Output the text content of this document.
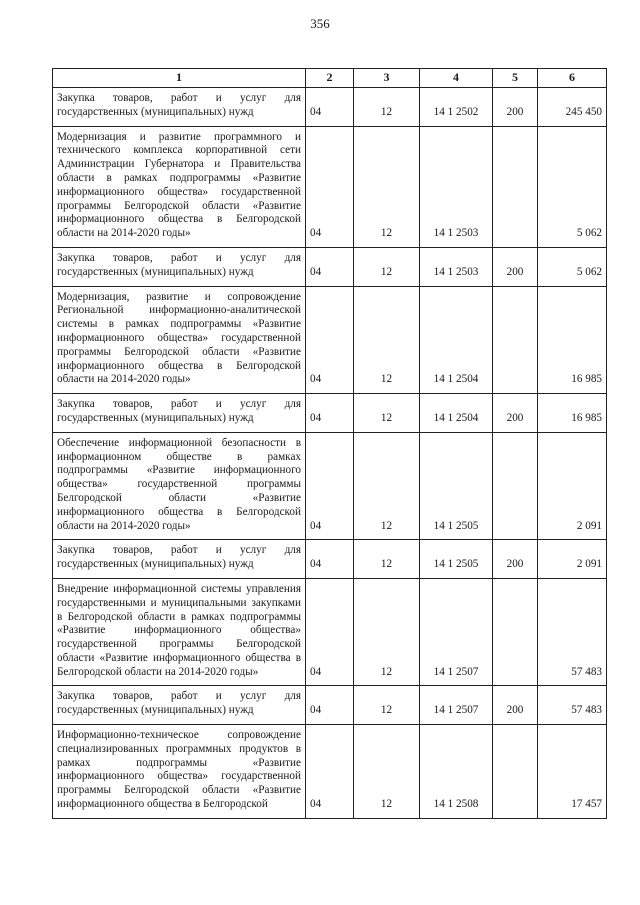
356
1	2	3	4	5	6
Закупка товаров, работ и услуг для государственных (муниципальных) нужд	04	12	14 1 2502	200	245 450
Модернизация и развитие программного и технического комплекса корпоративной сети Администрации Губернатора и Правительства области в рамках подпрограммы «Развитие информационного общества» государственной программы Белгородской области «Развитие информационного общества в Белгородской области на 2014-2020 годы»	04	12	14 1 2503		5 062
Закупка товаров, работ и услуг для государственных (муниципальных) нужд	04	12	14 1 2503	200	5 062
Модернизация, развитие и сопровождение Региональной информационно-аналитической системы в рамках подпрограммы «Развитие информационного общества» государственной программы Белгородской области «Развитие информационного общества в Белгородской области на 2014-2020 годы»	04	12	14 1 2504		16 985
Закупка товаров, работ и услуг для государственных (муниципальных) нужд	04	12	14 1 2504	200	16 985
Обеспечение информационной безопасности в информационном обществе в рамках подпрограммы «Развитие информационного общества» государственной программы Белгородской области «Развитие информационного общества в Белгородской области на 2014-2020 годы»	04	12	14 1 2505		2 091
Закупка товаров, работ и услуг для государственных (муниципальных) нужд	04	12	14 1 2505	200	2 091
Внедрение информационной системы управления государственными и муниципальными закупками в Белгородской области в рамках подпрограммы «Развитие информационного общества» государственной программы Белгородской области «Развитие информационного общества в Белгородской области на 2014-2020 годы»	04	12	14 1 2507		57 483
Закупка товаров, работ и услуг для государственных (муниципальных) нужд	04	12	14 1 2507	200	57 483
Информационно-техническое сопровождение специализированных программных продуктов в рамках подпрограммы «Развитие информационного общества» государственной программы Белгородской области «Развитие информационного общества в Белгородской	04	12	14 1 2508		17 457
